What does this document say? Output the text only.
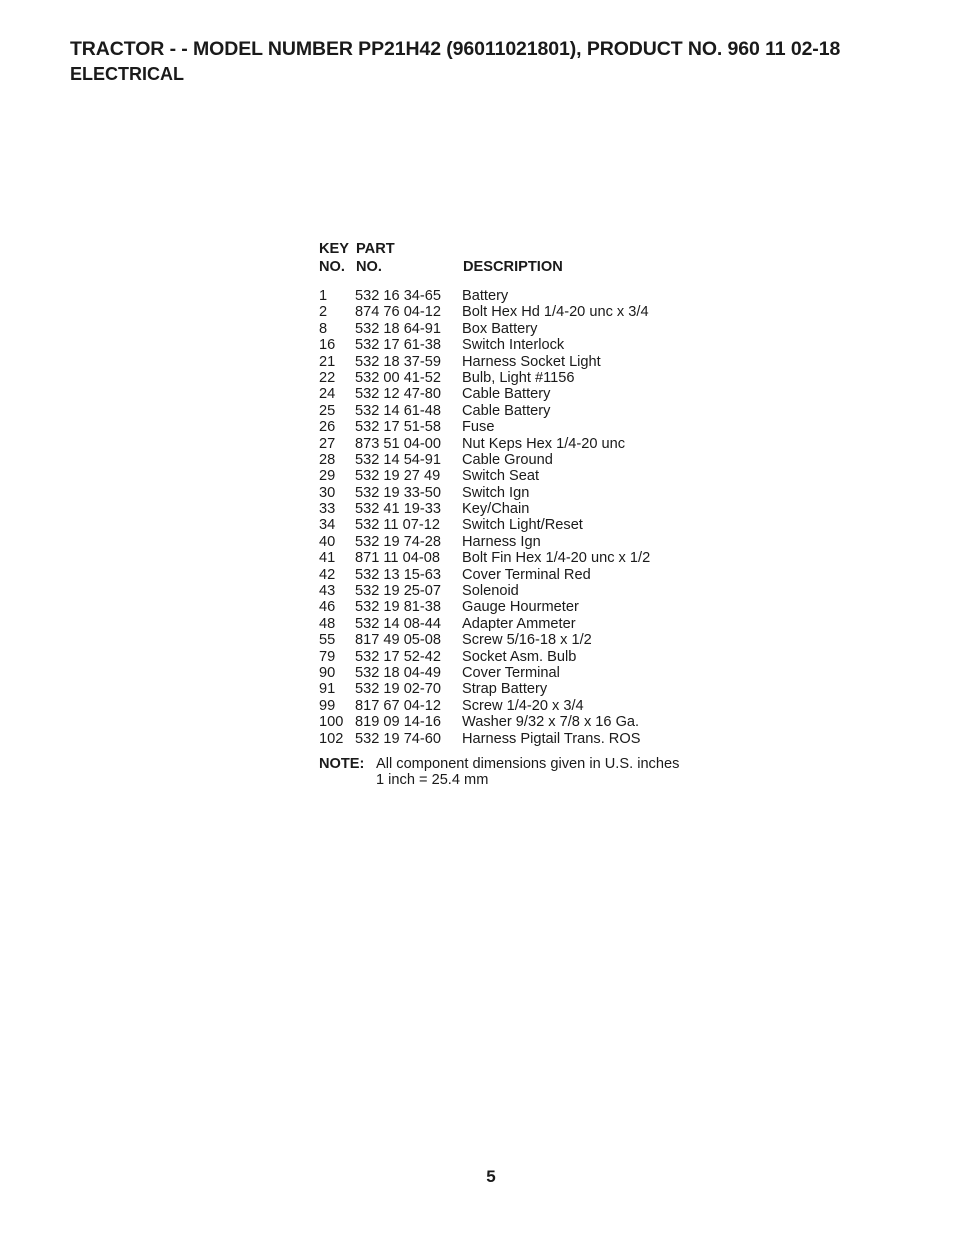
TRACTOR - - MODEL NUMBER PP21H42 (96011021801), PRODUCT NO. 960 11 02-18
ELECTRICAL
KEY PART
NO. NO.	DESCRIPTION
1 532 16 34-65 Battery
2 874 76 04-12 Bolt Hex Hd 1/4-20 unc x 3/4
8 532 18 64-91 Box Battery
16 532 17 61-38 Switch Interlock
21 532 18 37-59 Harness Socket Light
22 532 00 41-52 Bulb, Light #1156
24 532 12 47-80 Cable Battery
25 532 14 61-48 Cable Battery
26 532 17 51-58 Fuse
27 873 51 04-00 Nut Keps Hex 1/4-20 unc
28 532 14 54-91 Cable Ground
29 532 19 27 49 Switch Seat
30 532 19 33-50 Switch Ign
33 532 41 19-33 Key/Chain
34 532 11 07-12 Switch Light/Reset
40 532 19 74-28 Harness Ign
41 871 11 04-08 Bolt Fin Hex 1/4-20 unc x 1/2
42 532 13 15-63 Cover Terminal Red
43 532 19 25-07 Solenoid
46 532 19 81-38 Gauge Hourmeter
48 532 14 08-44 Adapter Ammeter
55 817 49 05-08 Screw 5/16-18 x 1/2
79 532 17 52-42 Socket Asm. Bulb
90 532 18 04-49 Cover Terminal
91 532 19 02-70 Strap Battery
99 817 67 04-12 Screw 1/4-20 x 3/4
100 819 09 14-16 Washer 9/32 x 7/8 x 16 Ga.
102 532 19 74-60 Harness Pigtail Trans. ROS
NOTE: All component dimensions given in U.S. inches
1 inch = 25.4 mm
5
